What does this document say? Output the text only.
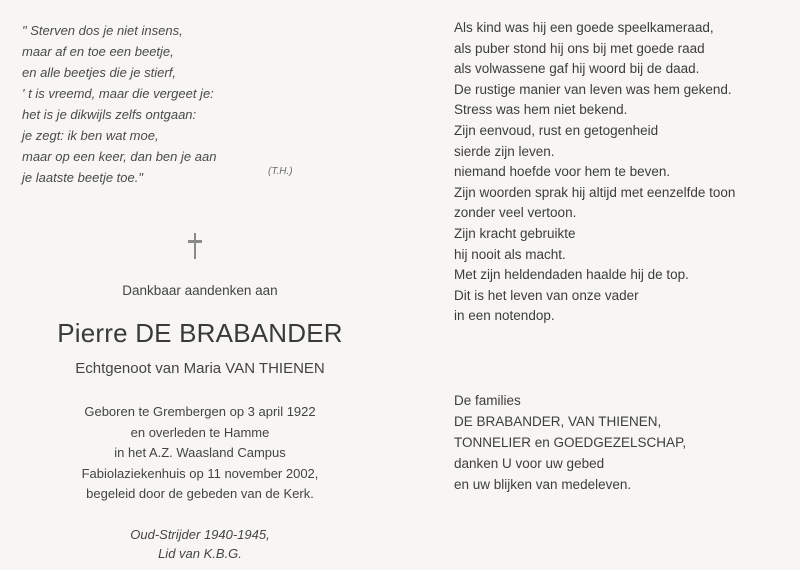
" Sterven dos je niet insens,
maar af en toe een beetje,
en alle beetjes die je stierf,
' t is vreemd, maar die vergeet je:
het is je dikwijls zelfs ontgaan:
je zegt: ik ben wat moe,
maar op een keer, dan ben je aan
je laatste beetje toe."	(T.H.)
Dankbaar aandenken aan
Pierre DE BRABANDER
Echtgenoot van Maria VAN THIENEN
Geboren te Grembergen op 3 april 1922
en overleden te Hamme
in het A.Z. Waasland Campus
Fabiolaziekenhuis op 11 november 2002,
begeleid door de gebeden van de Kerk.
Oud-Strijder 1940-1945,
Lid van K.B.G.
Als kind was hij een goede speelkameraad,
als puber stond hij ons bij met goede raad
als volwassene gaf hij woord bij de daad.
De rustige manier van leven was hem gekend.
Stress was hem niet bekend.
Zijn eenvoud, rust en getogenheid
sierde zijn leven.
niemand hoefde voor hem te beven.
Zijn woorden sprak hij altijd met eenzelfde toon
zonder veel vertoon.
Zijn kracht gebruikte
hij nooit als macht.
Met zijn heldendaden haalde hij de top.
Dit is het leven van onze vader
in een notendop.
De families
DE BRABANDER, VAN THIENEN,
TONNELIER en GOEDGEZELSCHAP,
danken U voor uw gebed
en uw blijken van medeleven.
